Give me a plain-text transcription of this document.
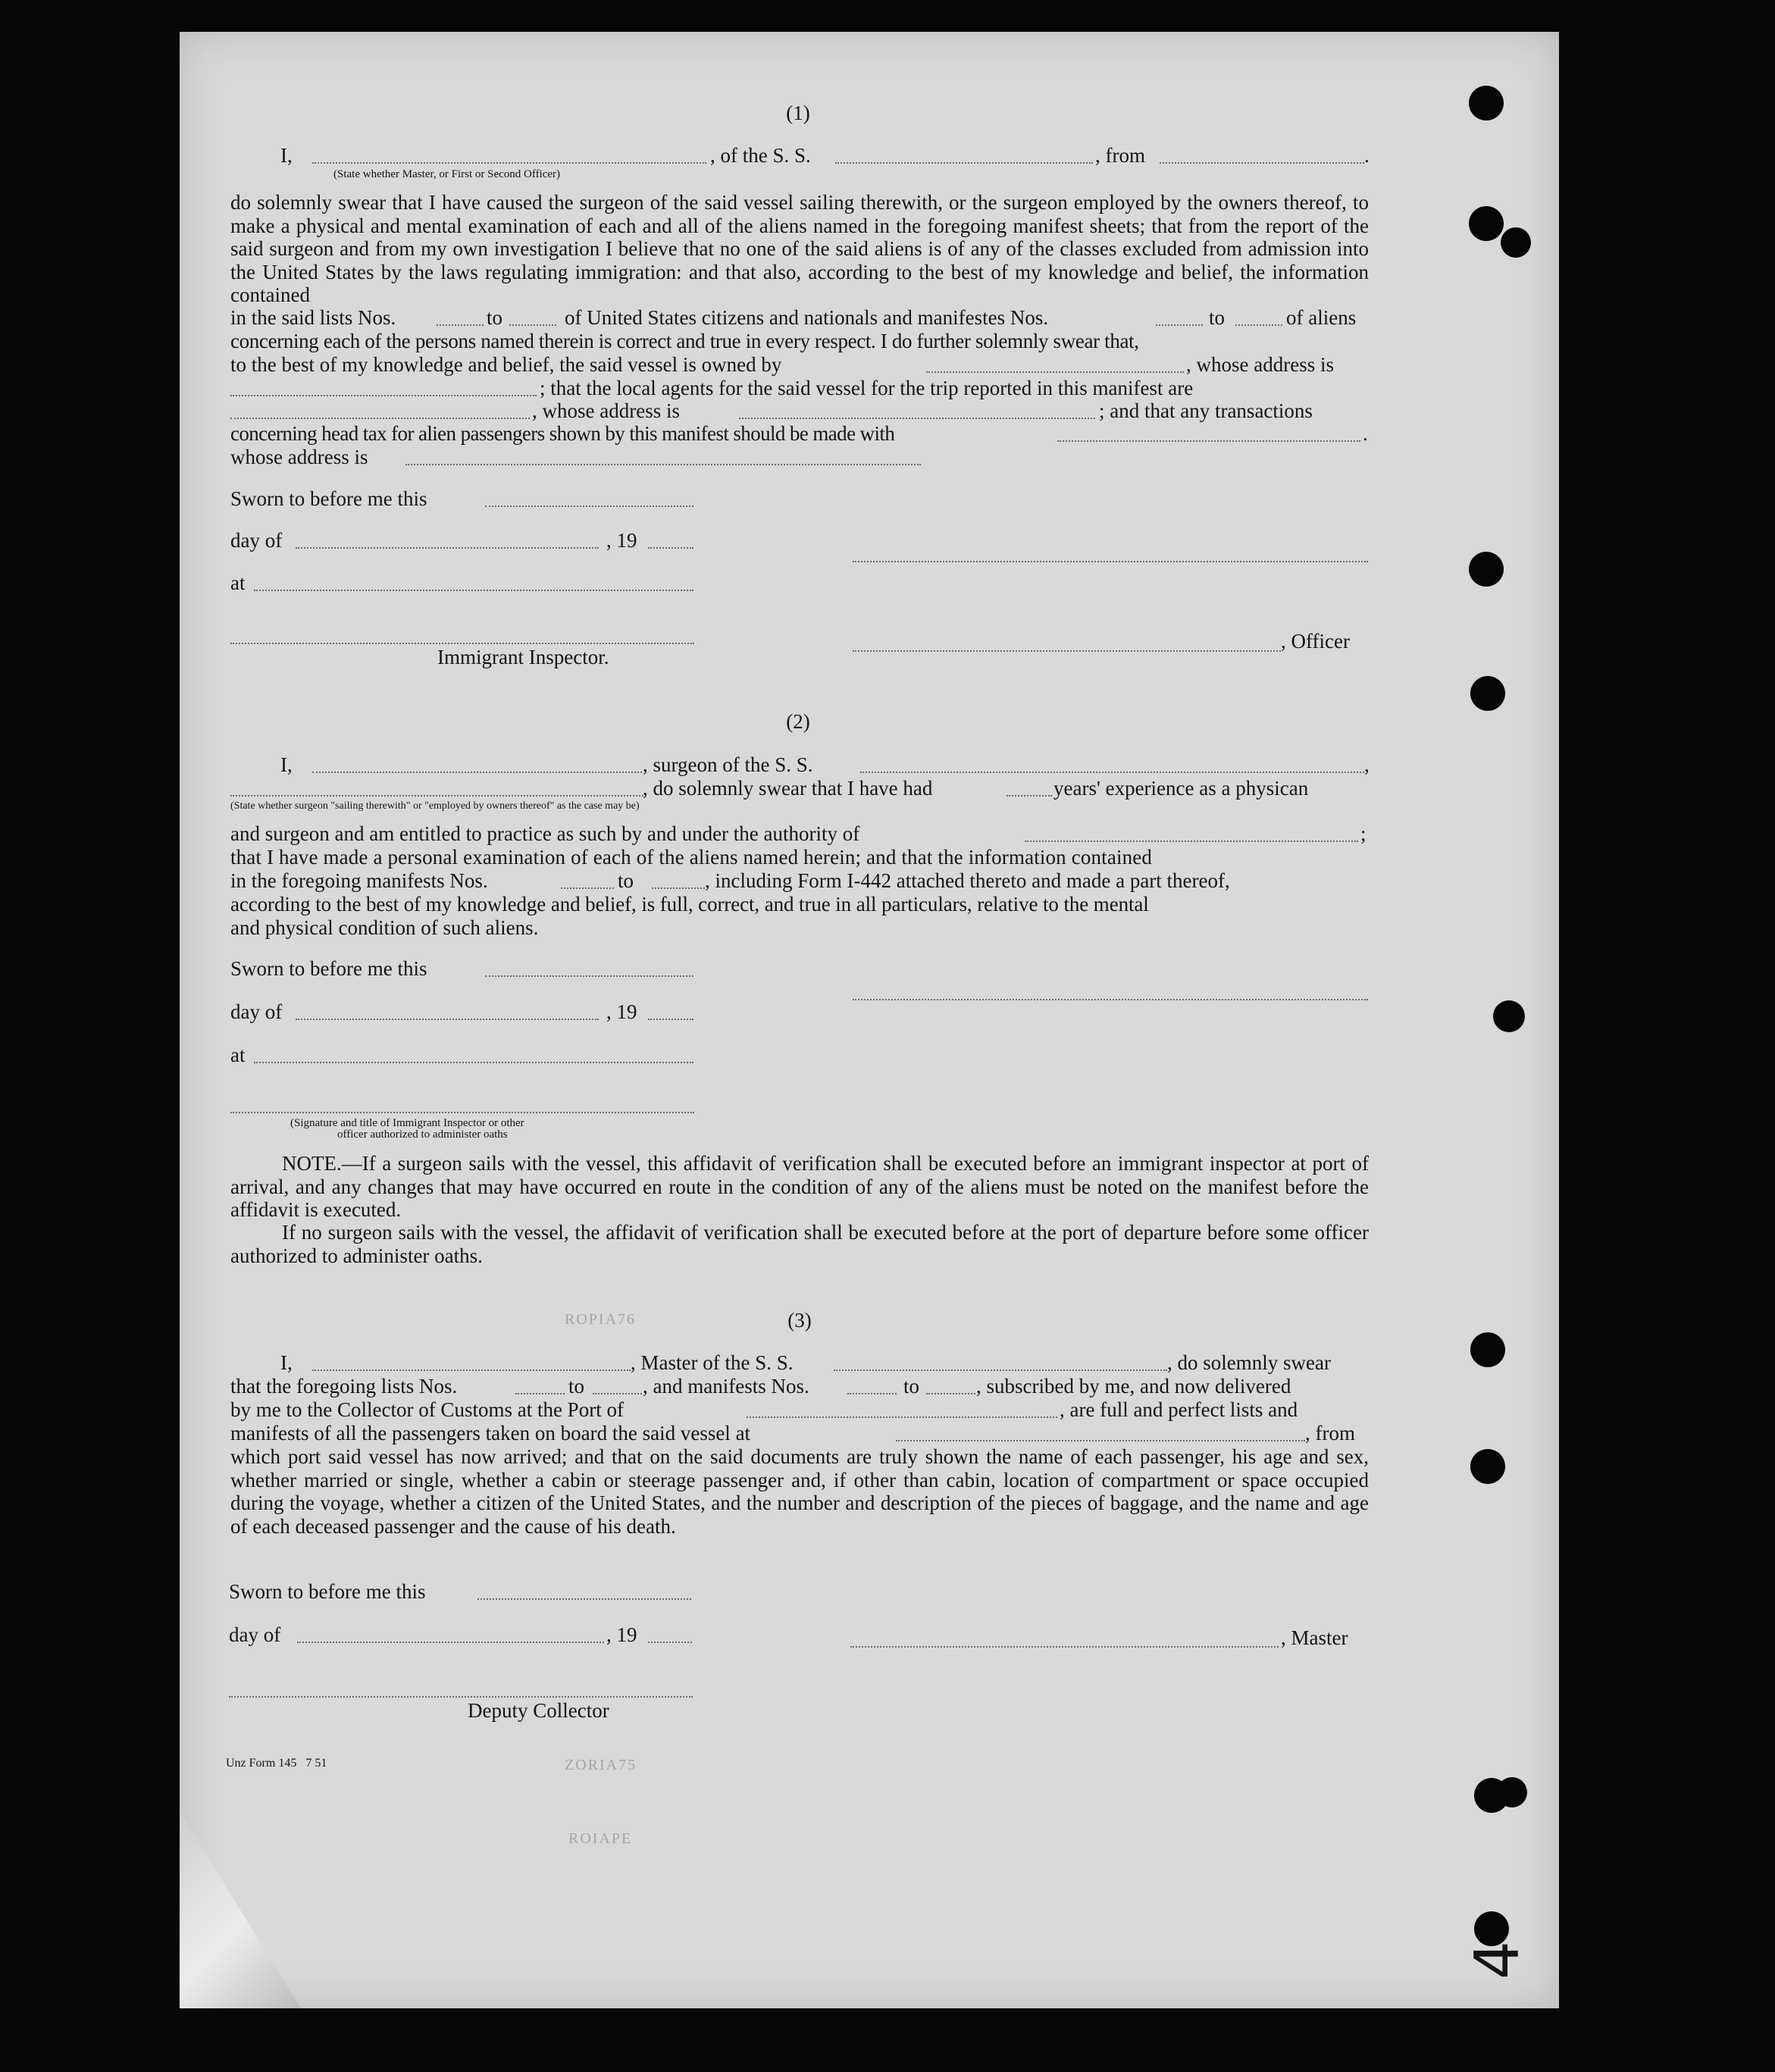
ROPIA76
ZORIA75
ROIAPE
(1)
I,	, of the S. S.	, from	.
(State whether Master, or First or Second Officer)
do solemnly swear that I have caused the surgeon of the said vessel sailing therewith, or the surgeon employed by the owners thereof, to make a physical and mental examination of each and all of the aliens named in the foregoing manifest sheets; that from the report of the said surgeon and from my own investigation I believe that no one of the said aliens is of any of the classes excluded from admission into the United States by the laws regulating immigration: and that also, according to the best of my knowledge and belief, the information contained
in the said lists Nos.	to	of United States citizens and nationals and manifestes Nos.	to	of aliens
concerning each of the persons named therein is correct and true in every respect. I do further solemnly swear that,
to the best of my knowledge and belief, the said vessel is owned by	, whose address is
; that the local agents for the said vessel for the trip reported in this manifest are
, whose address is	; and that any transactions
concerning head tax for alien passengers shown by this manifest should be made with	.
whose address is
Sworn to before me this
day of	, 19
at
, Officer
Immigrant Inspector.
(2)
I,	, surgeon of the S. S.	,
, do solemnly swear that I have had	years' experience as a physican
(State whether surgeon "sailing therewith" or "employed by owners thereof" as the case may be)
and surgeon and am entitled to practice as such by and under the authority of	;
that I have made a personal examination of each of the aliens named herein; and that the information contained
in the foregoing manifests Nos.	to	, including Form I-442 attached thereto and made a part thereof,
according to the best of my knowledge and belief, is full, correct, and true in all particulars, relative to the mental
and physical condition of such aliens.
Sworn to before me this
day of	, 19
at
(Signature and title of Immigrant Inspector or other
officer authorized to administer oaths
NOTE.—If a surgeon sails with the vessel, this affidavit of verification shall be executed before an immigrant inspector at port of arrival, and any changes that may have occurred en route in the condition of any of the aliens must be noted on the manifest before the affidavit is executed.
If no surgeon sails with the vessel, the affidavit of verification shall be executed before at the port of departure before some officer authorized to administer oaths.
(3)
I,	, Master of the S. S.	, do solemnly swear
that the foregoing lists Nos.	to	, and manifests Nos.	to	, subscribed by me, and now delivered
by me to the Collector of Customs at the Port of	, are full and perfect lists and
manifests of all the passengers taken on board the said vessel at	, from
which port said vessel has now arrived; and that on the said documents are truly shown the name of each passenger, his age and sex, whether married or single, whether a cabin or steerage passenger and, if other than cabin, location of compartment or space occupied during the voyage, whether a citizen of the United States, and the number and description of the pieces of baggage, and the name and age of each deceased passenger and the cause of his death.
Sworn to before me this
day of	, 19	, Master
Deputy Collector
Unz Form 145   7 51
4
